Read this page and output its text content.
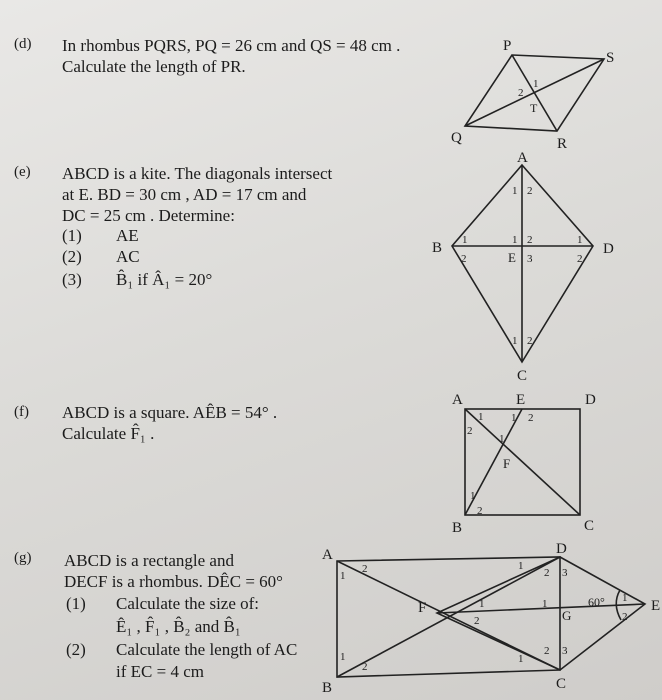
(d) In rhombus PQRS, PQ = 26 cm and QS = 48 cm .
Calculate the length of PR.
(e) ABCD is a kite. The diagonals intersect
at E. BD = 30 cm , AD = 17 cm and
DC = 25 cm . Determine:
(1) AE
(2) AC
(3) B̂₁ if Â₁ = 20°
(f) ABCD is a square. AÊB = 54° .
Calculate F̂₁ .
(g) ABCD is a rectangle and
DECF is a rhombus. DÊC = 60°
(1) Calculate the size of:
Ê₁ , F̂₁ , B̂₂ and B̂₁
(2) Calculate the length of AC
if EC = 4 cm
P
S
Q	R
T
1
2
A
B
C
D
E
1 2
1
2
1 2
3
1
2
1 2
A	E	D
B	C
F
1
2
1 2
1
1
2
A
B	C
D
E
F	G
60°
1
2
1
2
1
2 3
1
1
2
2 3
1
1
2
